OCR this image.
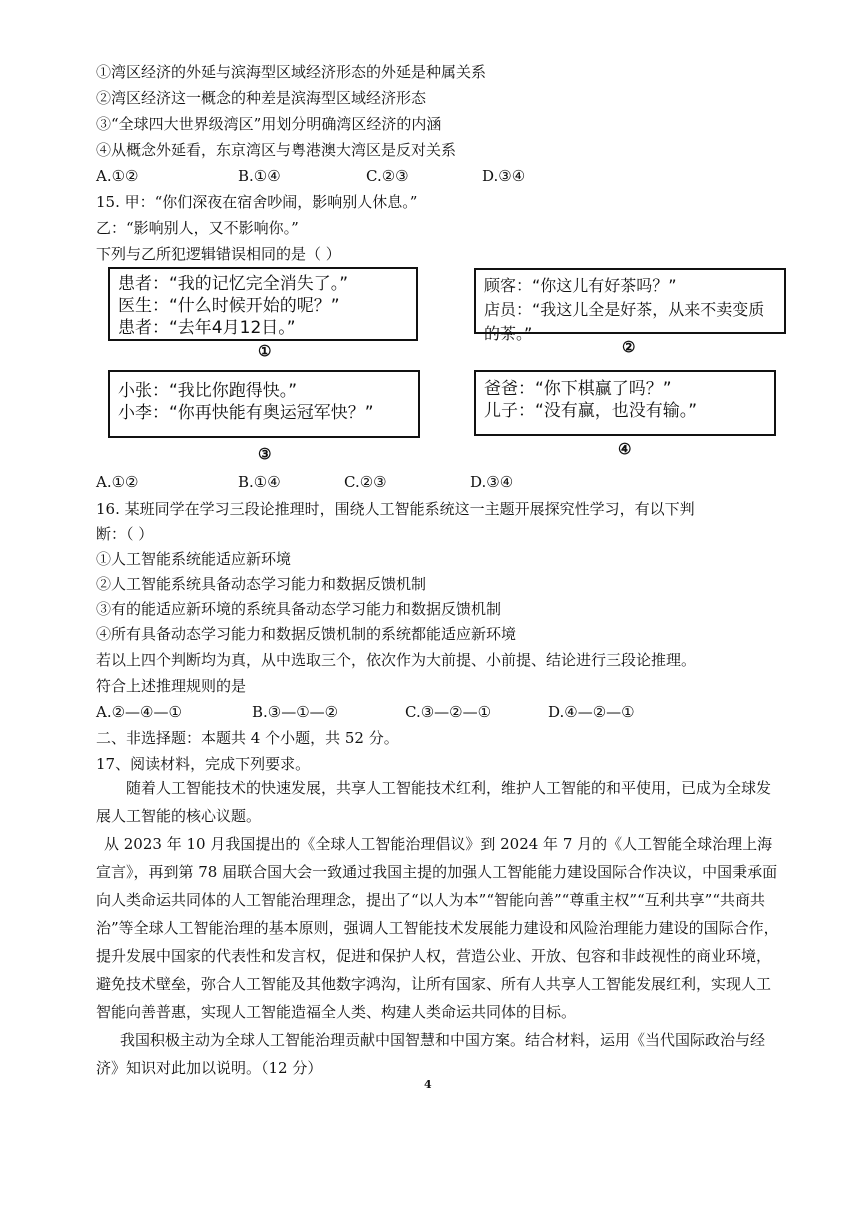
①湾区经济的外延与滨海型区域经济形态的外延是种属关系
②湾区经济这一概念的种差是滨海型区域经济形态
③“全球四大世界级湾区”用划分明确湾区经济的内涵
④从概念外延看，东京湾区与粤港澳大湾区是反对关系
A.①②	B.①④	C.②③	D.③④
15. 甲：“你们深夜在宿舍吵闹，影响别人休息。”
乙：“影响别人，又不影响你。”
下列与乙所犯逻辑错误相同的是（ ）
患者：“我的记忆完全消失了。”
医生：“什么时候开始的呢？”
患者：“去年4月12日。”
①
顾客：“你这儿有好茶吗？”
店员：“我这儿全是好茶，从来不卖变质的茶。”
②
小张：“我比你跑得快。”
小李：“你再快能有奥运冠军快？”
③
爸爸：“你下棋赢了吗？”
儿子：“没有赢，也没有输。”
④
A.①②	B.①④	C.②③	D.③④
16. 某班同学在学习三段论推理时，围绕人工智能系统这一主题开展探究性学习，有以下判
断：（ ）
①人工智能系统能适应新环境
②人工智能系统具备动态学习能力和数据反馈机制
③有的能适应新环境的系统具备动态学习能力和数据反馈机制
④所有具备动态学习能力和数据反馈机制的系统都能适应新环境
若以上四个判断均为真，从中选取三个，依次作为大前提、小前提、结论进行三段论推理。
符合上述推理规则的是
A.②—④—①	B.③—①—②	C.③—②—①	D.④—②—①
二、非选择题：本题共 4 个小题，共 52 分。
17、阅读材料，完成下列要求。
随着人工智能技术的快速发展，共享人工智能技术红利，维护人工智能的和平使用，已成为全球发展人工智能的核心议题。
从 2023 年 10 月我国提出的《全球人工智能治理倡议》到 2024 年 7 月的《人工智能全球治理上海宣言》，再到第 78 届联合国大会一致通过我国主提的加强人工智能能力建设国际合作决议，中国秉承面向人类命运共同体的人工智能治理理念，提出了“以人为本”“智能向善”“尊重主权”“互利共享”“共商共治”等全球人工智能治理的基本原则，强调人工智能技术发展能力建设和风险治理能力建设的国际合作，提升发展中国家的代表性和发言权，促进和保护人权，营造公业、开放、包容和非歧视性的商业环境，避免技术壁垒，弥合人工智能及其他数字鸿沟，让所有国家、所有人共享人工智能发展红利，实现人工智能向善普惠，实现人工智能造福全人类、构建人类命运共同体的目标。
我国积极主动为全球人工智能治理贡献中国智慧和中国方案。结合材料，运用《当代国际政治与经济》知识对此加以说明。（12 分）
4
